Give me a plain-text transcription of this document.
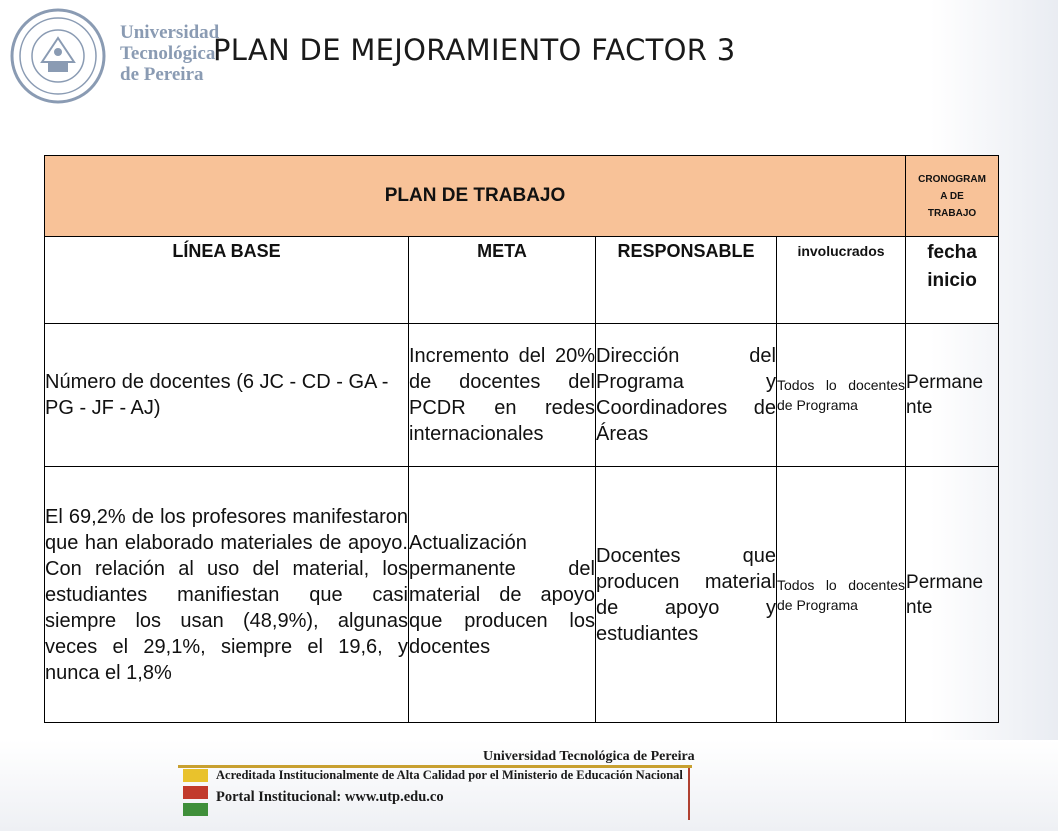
Universidad
Tecnológica
de Pereira
PLAN DE MEJORAMIENTO FACTOR 3
PLAN DE TRABAJO				CRONOGRAM
A DE
TRABAJO

LÍNEA BASE	META	RESPONSABLE	involucrados	fecha
inicio

Número de docentes (6 JC - CD - GA - PG - JF - AJ)	Incremento del 20% de docentes del PCDR en redes internacionales	Dirección del Programa y Coordinadores de Áreas	Todos lo docentes de Programa	Permane
nte

El 69,2% de los profesores manifestaron que han elaborado materiales de apoyo. Con relación al uso del material, los estudiantes manifiestan que casi siempre los usan (48,9%), algunas veces el 29,1%, siempre el 19,6, y nunca el 1,8%	Actualización permanente del material de apoyo que producen los docentes	Docentes que producen material de apoyo y estudiantes	Todos lo docentes de Programa	Permane
nte
Universidad Tecnológica de Pereira
Acreditada Institucionalmente de Alta Calidad por el Ministerio de Educación Nacional
Portal Institucional: www.utp.edu.co
